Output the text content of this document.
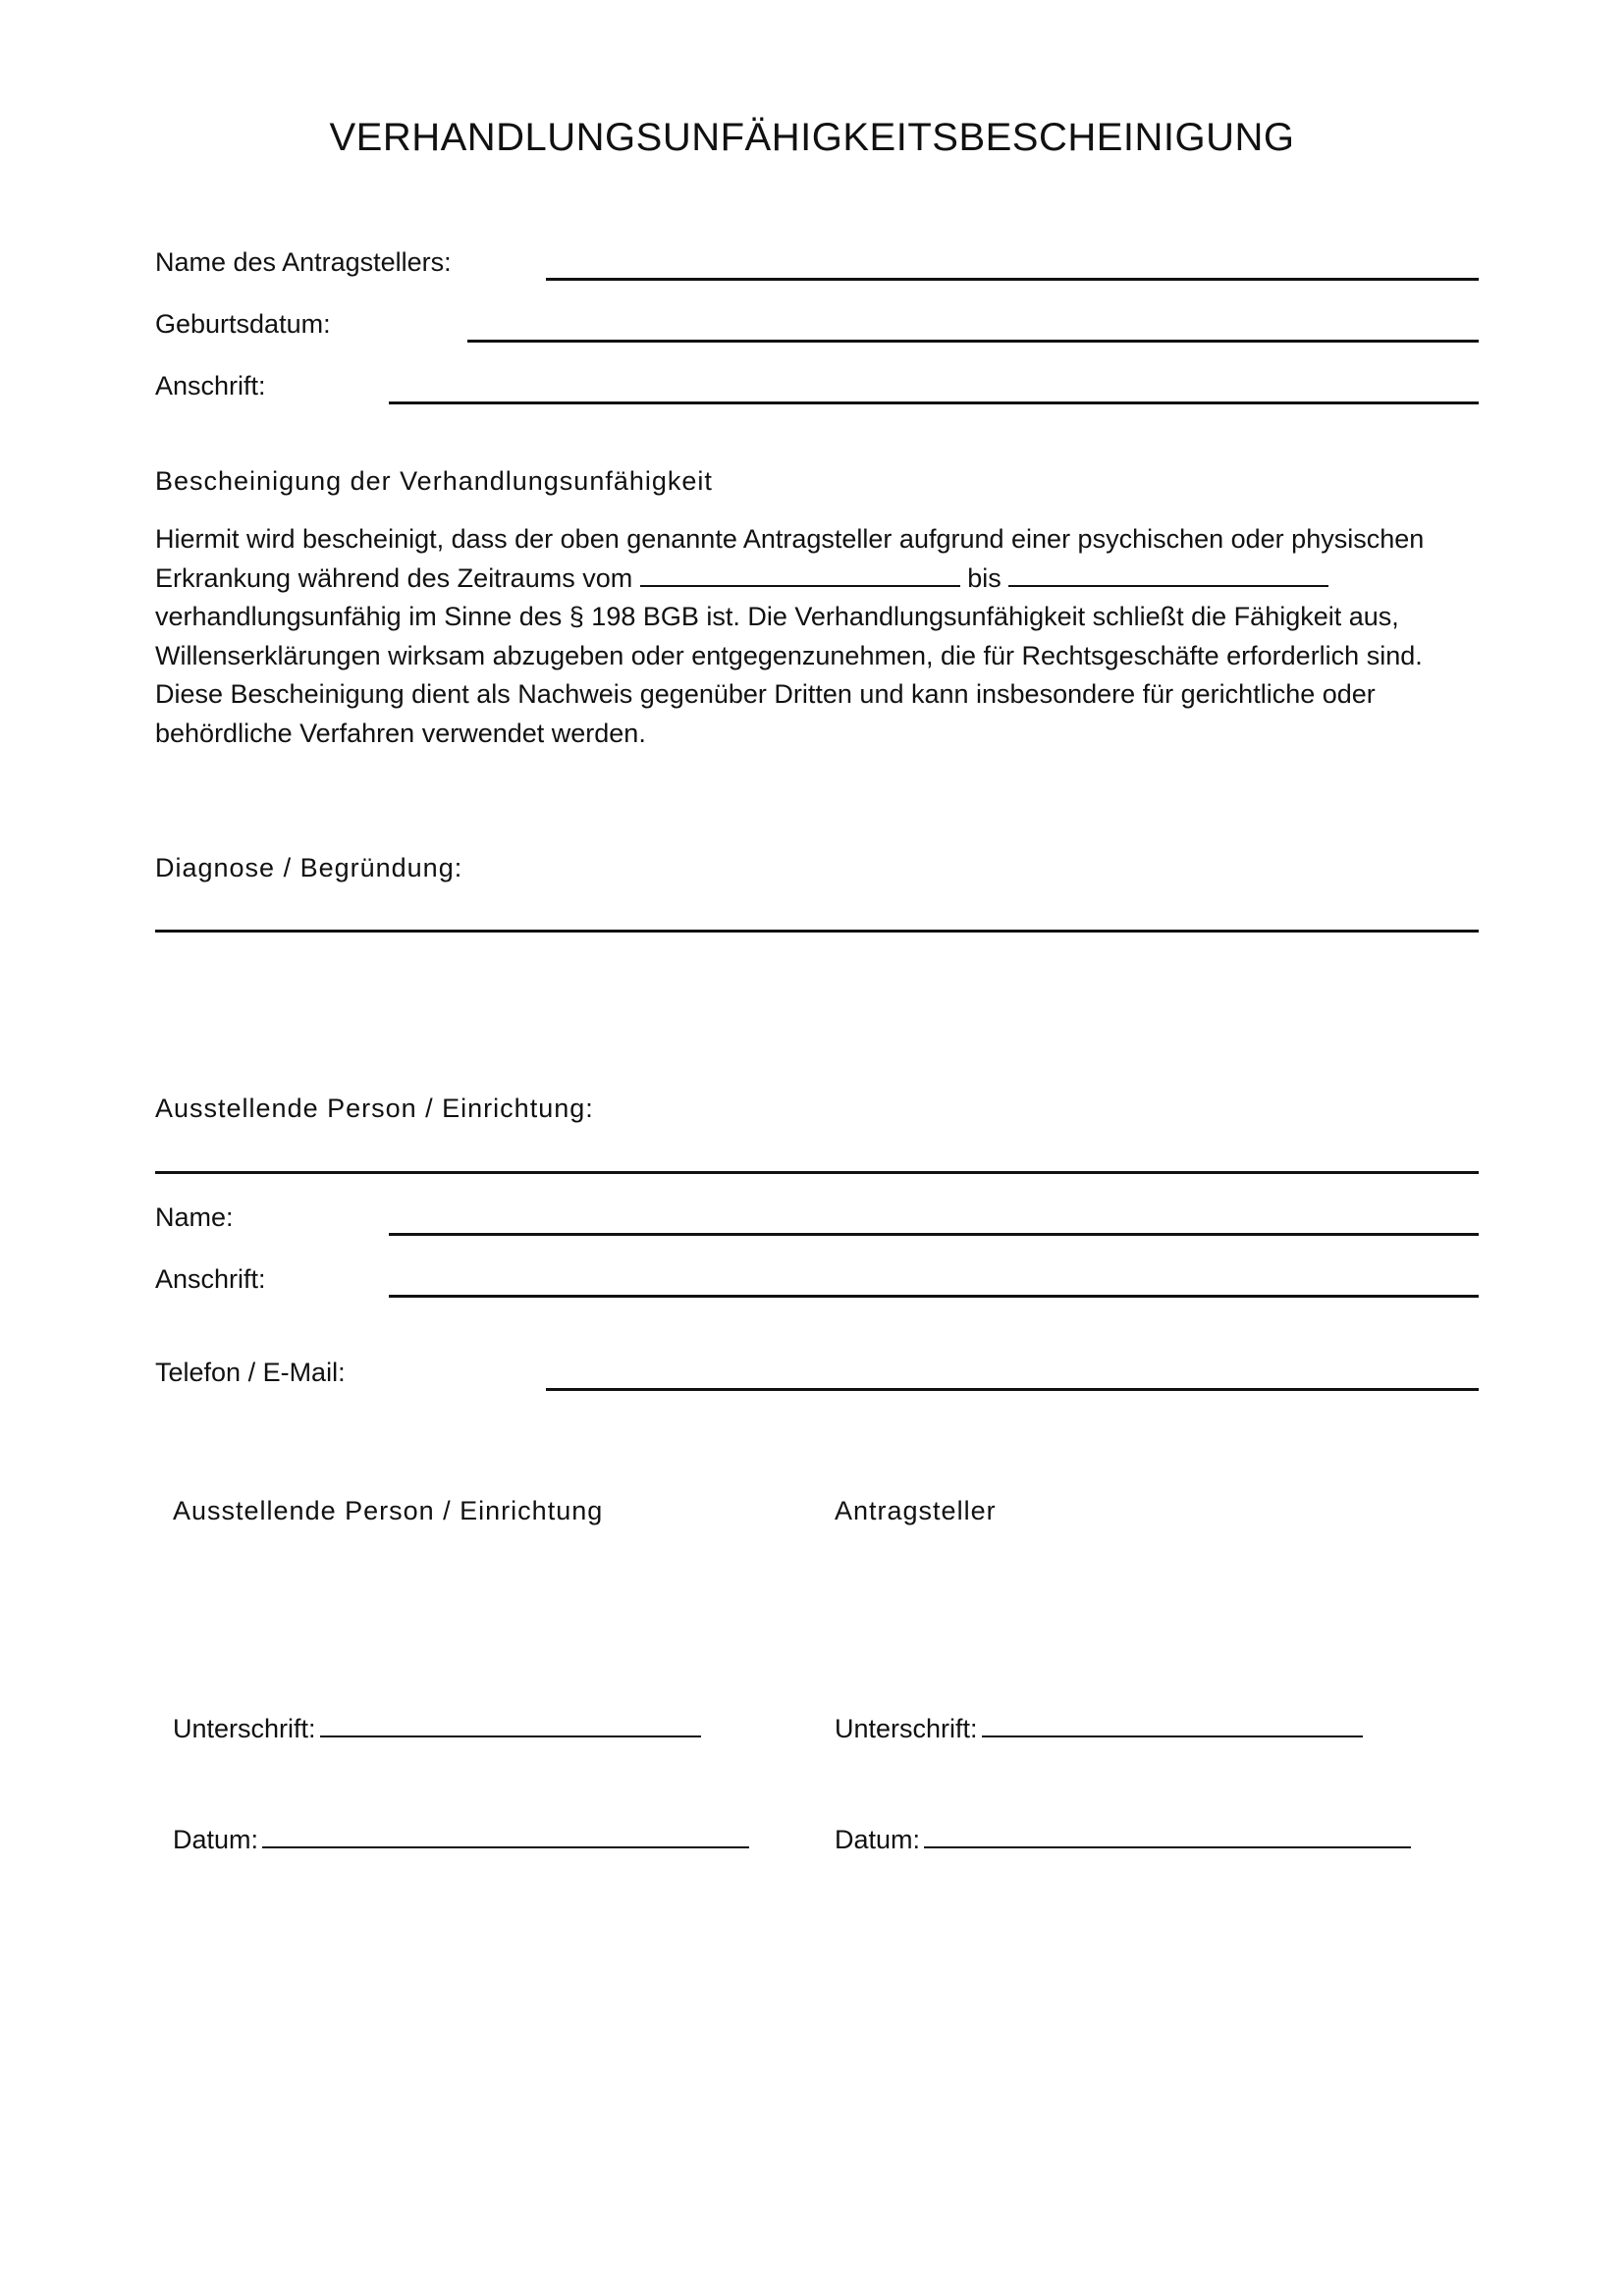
VERHANDLUNGSUNFÄHIGKEITSBESCHEINIGUNG
Name des Antragstellers:
Geburtsdatum:
Anschrift:
Bescheinigung der Verhandlungsunfähigkeit

Hiermit wird bescheinigt, dass der oben genannte Antragsteller aufgrund einer psychischen oder physischen

Erkrankung während des Zeitraums vom	bis

verhandlungsunfähig im Sinne des § 198 BGB ist. Die Verhandlungsunfähigkeit schließt die Fähigkeit aus,

Willenserklärungen wirksam abzugeben oder entgegenzunehmen, die für Rechtsgeschäfte erforderlich sind.

Diese Bescheinigung dient als Nachweis gegenüber Dritten und kann insbesondere für gerichtliche oder

behördliche Verfahren verwendet werden.

Diagnose / Begründung:
Ausstellende Person / Einrichtung:
Name:
Anschrift:
Telefon / E-Mail:
Ausstellende Person / Einrichtung	Antragsteller
Unterschrift:	Unterschrift:
Datum:	Datum:
